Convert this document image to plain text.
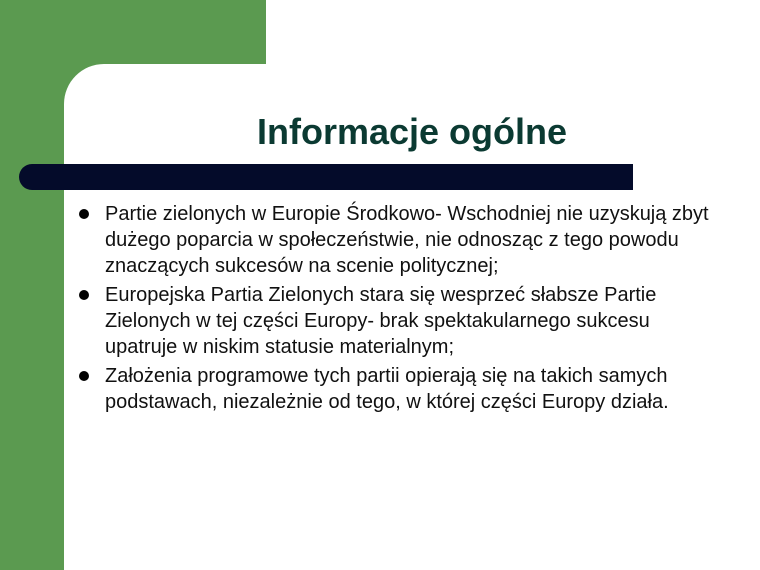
Informacje ogólne
Partie zielonych w Europie Środkowo- Wschodniej nie uzyskują zbyt dużego poparcia w społeczeństwie, nie odnosząc z tego powodu znaczących sukcesów na scenie politycznej;
Europejska Partia Zielonych stara się wesprzeć słabsze Partie Zielonych w tej części Europy- brak spektakularnego sukcesu upatruje w niskim statusie materialnym;
Założenia programowe tych partii opierają się na takich samych podstawach, niezależnie od tego, w której części Europy działa.
